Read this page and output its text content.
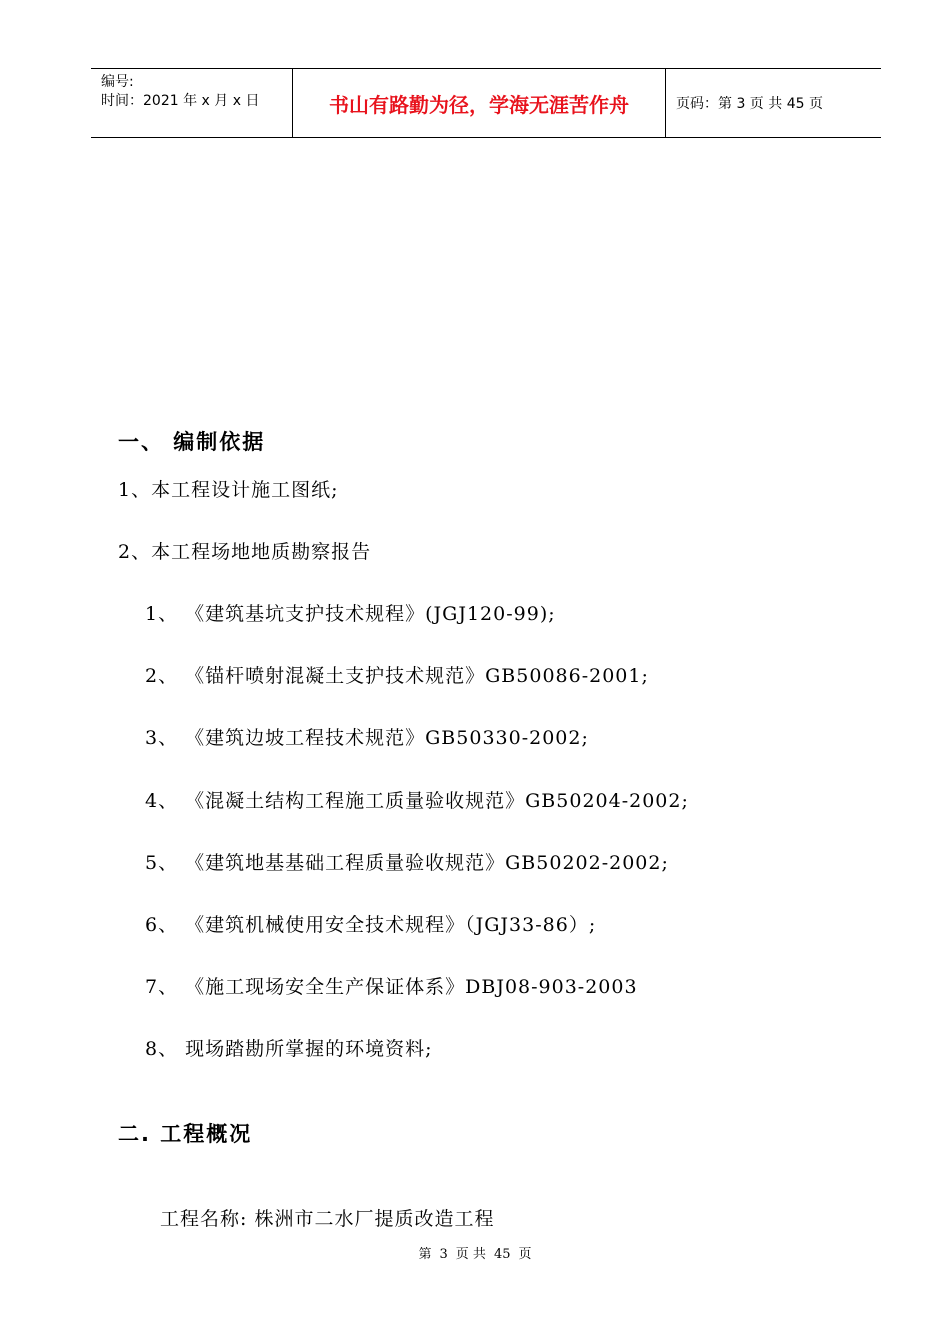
编号:
时间：2021 年 x 月 x 日	书山有路勤为径，学海无涯苦作舟	页码：第 3 页 共 45 页
一、 编制依据
1、本工程设计施工图纸;
2、本工程场地地质勘察报告
1、 《建筑基坑支护技术规程》(JGJ120-99);
2、 《锚杆喷射混凝土支护技术规范》GB50086-2001;
3、 《建筑边坡工程技术规范》GB50330-2002;
4、 《混凝土结构工程施工质量验收规范》GB50204-2002;
5、 《建筑地基基础工程质量验收规范》GB50202-2002;
6、 《建筑机械使用安全技术规程》（JGJ33-86）;
7、 《施工现场安全生产保证体系》DBJ08-903-2003
8、 现场踏勘所掌握的环境资料;
二. 工程概况
工程名称: 株洲市二水厂提质改造工程
第 3 页 共 45 页
